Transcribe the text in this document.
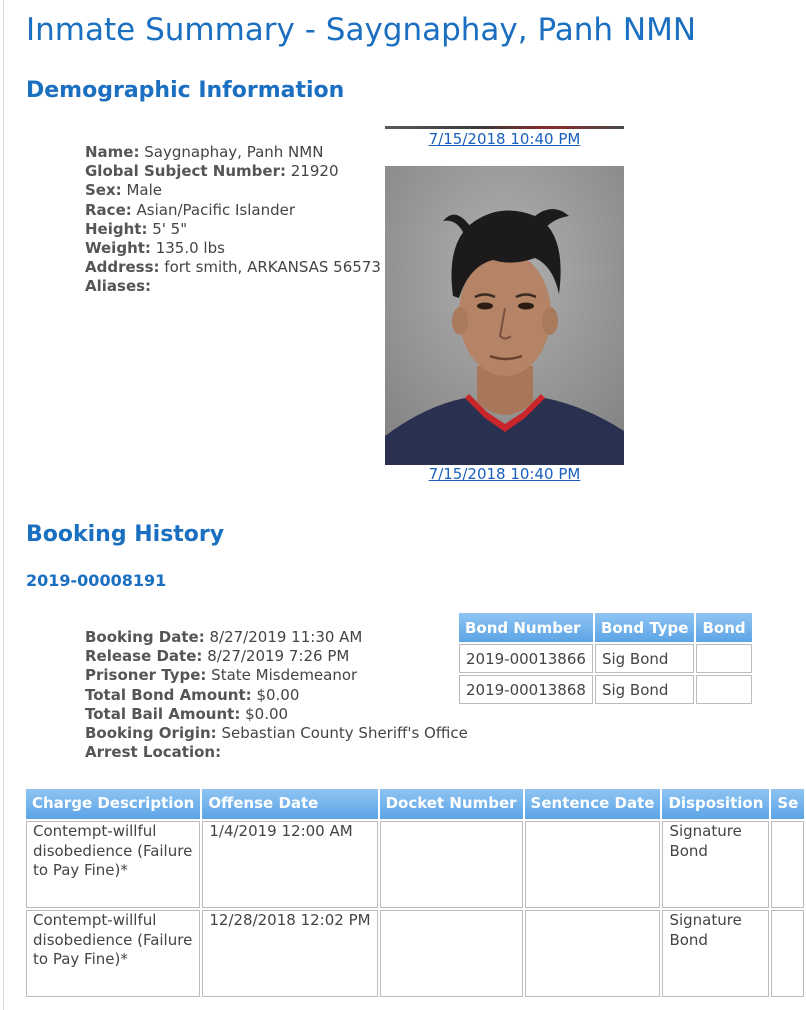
Inmate Summary - Saygnaphay, Panh NMN
Demographic Information
Name: Saygnaphay, Panh NMN
Global Subject Number: 21920
Sex: Male
Race: Asian/Pacific Islander
Height: 5' 5"
Weight: 135.0 lbs
Address: fort smith, ARKANSAS 56573
Aliases:
7/15/2018 10:40 PM
7/15/2018 10:40 PM
Booking History
2019-00008191
Booking Date: 8/27/2019 11:30 AM
Release Date: 8/27/2019 7:26 PM
Prisoner Type: State Misdemeanor
Total Bond Amount: $0.00
Total Bail Amount: $0.00
Booking Origin: Sebastian County Sheriff's Office
Arrest Location:
Bond Number	Bond Type	Bond
2019-00013866	Sig Bond	
2019-00013868	Sig Bond	
Charge Description	Offense Date	Docket Number	Sentence Date	Disposition	Se
Contempt-willful disobedience (Failure to Pay Fine)*	1/4/2019 12:00 AM			Signature Bond	
Contempt-willful disobedience (Failure to Pay Fine)*	12/28/2018 12:02 PM			Signature Bond	
